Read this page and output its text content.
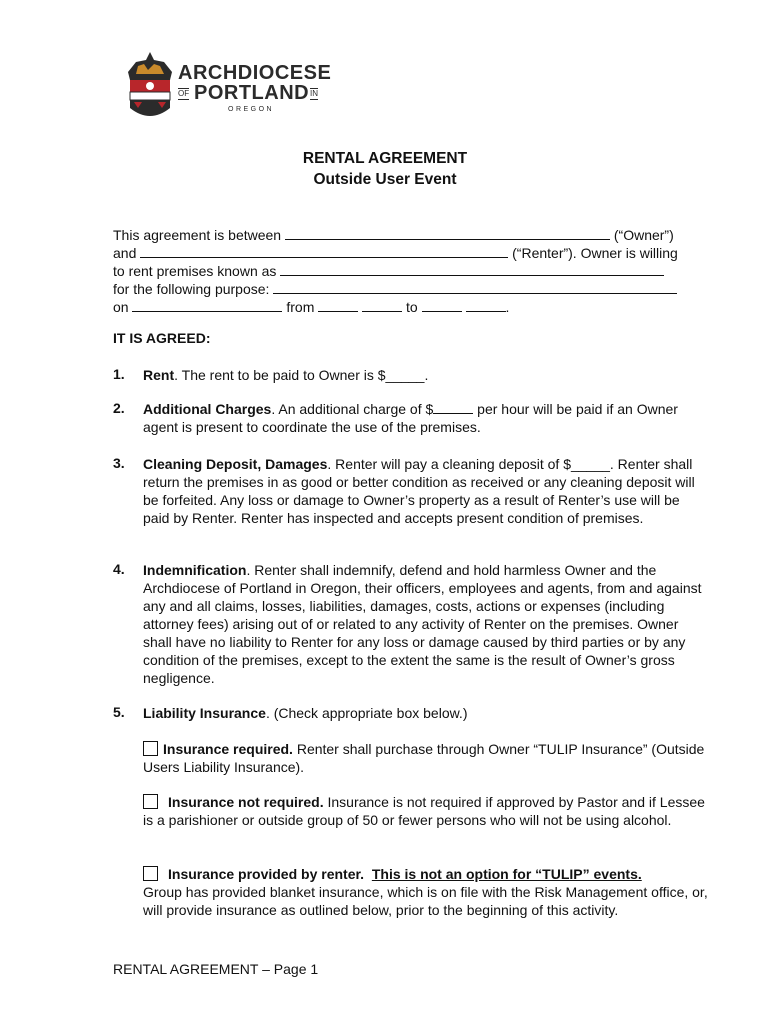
ARCHDIOCESE
OF PORTLAND IN
OREGON
RENTAL AGREEMENT
Outside User Event
This agreement is between	(“Owner”)
and	(“Renter”). Owner is willing
to rent premises known as
for the following purpose:
on	from	to	.
IT IS AGREED:
1. Rent. The rent to be paid to Owner is $_____.
2. Additional Charges. An additional charge of $	per hour will be paid if an Owner agent is present to coordinate the use of the premises.
3. Cleaning Deposit, Damages. Renter will pay a cleaning deposit of $_____. Renter shall return the premises in as good or better condition as received or any cleaning deposit will be forfeited. Any loss or damage to Owner’s property as a result of Renter’s use will be paid by Renter. Renter has inspected and accepts present condition of premises.
4. Indemnification. Renter shall indemnify, defend and hold harmless Owner and the Archdiocese of Portland in Oregon, their officers, employees and agents, from and against any and all claims, losses, liabilities, damages, costs, actions or expenses (including attorney fees) arising out of or related to any activity of Renter on the premises. Owner shall have no liability to Renter for any loss or damage caused by third parties or by any condition of the premises, except to the extent the same is the result of Owner’s gross negligence.
5. Liability Insurance. (Check appropriate box below.)
Insurance required. Renter shall purchase through Owner “TULIP Insurance” (Outside Users Liability Insurance).
Insurance not required. Insurance is not required if approved by Pastor and if Lessee is a parishioner or outside group of 50 or fewer persons who will not be using alcohol.
Insurance provided by renter. This is not an option for “TULIP” events.
Group has provided blanket insurance, which is on file with the Risk Management office, or, will provide insurance as outlined below, prior to the beginning of this activity.
RENTAL AGREEMENT – Page 1
